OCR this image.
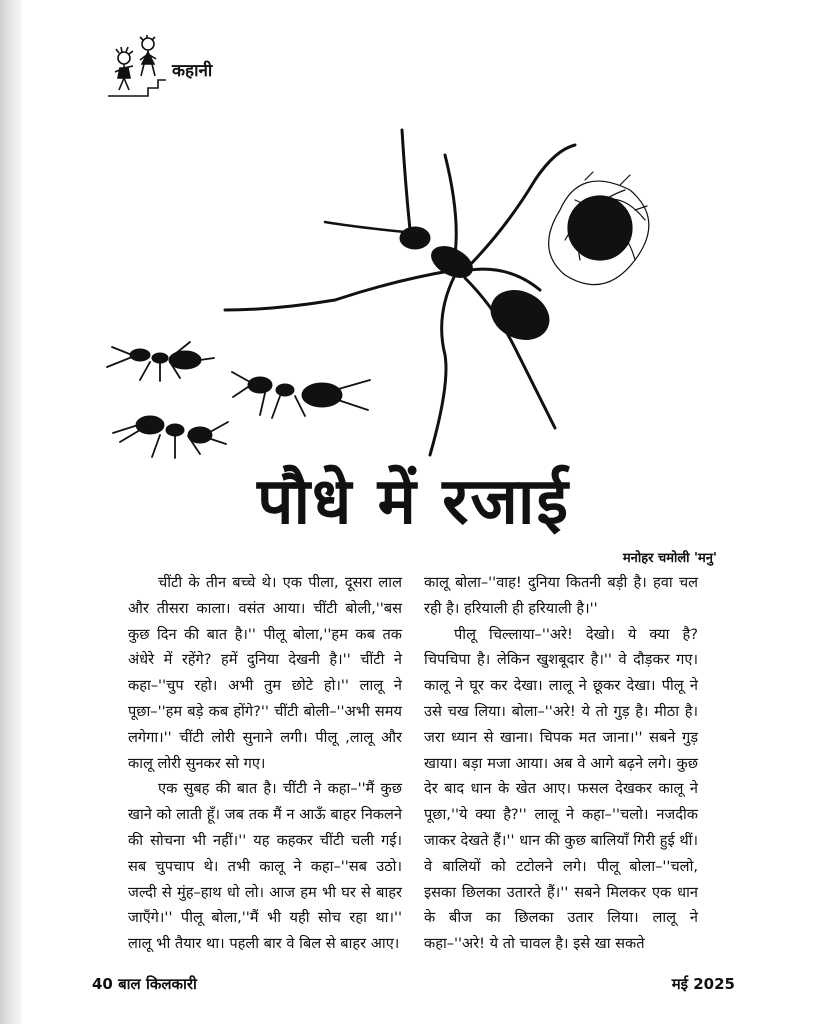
कहानी
पौधे में रजाई
मनोहर चमोली 'मनु'

चींटी के तीन बच्चे थे। एक पीला, दूसरा लाल और तीसरा काला। वसंत आया। चींटी बोली,''बस कुछ दिन की बात है।'' पीलू बोला,''हम कब तक अंधेरे में रहेंगे? हमें दुनिया देखनी है।'' चींटी ने कहा–''चुप रहो। अभी तुम छोटे हो।'' लालू ने पूछा–''हम बड़े कब होंगे?'' चींटी बोली–''अभी समय लगेगा।'' चींटी लोरी सुनाने लगी। पीलू ,लालू और कालू लोरी सुनकर सो गए।

एक सुबह की बात है। चींटी ने कहा–''मैं कुछ खाने को लाती हूँ। जब तक मैं न आऊँ बाहर निकलने की सोचना भी नहीं।'' यह कहकर चींटी चली गई। सब चुपचाप थे। तभी कालू ने कहा–''सब उठो। जल्दी से मुंह–हाथ धो लो। आज हम भी घर से बाहर जाएँगे।'' पीलू बोला,''मैं भी यही सोच रहा था।'' लालू भी तैयार था। पहली बार वे बिल से बाहर आए।

कालू बोला–''वाह! दुनिया कितनी बड़ी है। हवा चल रही है। हरियाली ही हरियाली है।''

पीलू चिल्लाया–''अरे! देखो। ये क्या है? चिपचिपा है। लेकिन खुशबूदार है।'' वे दौड़कर गए। कालू ने घूर कर देखा। लालू ने छूकर देखा। पीलू ने उसे चख लिया। बोला–''अरे! ये तो गुड़ है। मीठा है। जरा ध्यान से खाना। चिपक मत जाना।'' सबने गुड़ खाया। बड़ा मजा आया। अब वे आगे बढ़ने लगे। कुछ देर बाद धान के खेत आए। फसल देखकर कालू ने पूछा,''ये क्या है?'' लालू ने कहा–''चलो। नजदीक जाकर देखते हैं।'' धान की कुछ बालियाँ गिरी हुई थीं। वे बालियों को टटोलने लगे। पीलू बोला–''चलो, इसका छिलका उतारते हैं।'' सबने मिलकर एक धान के बीज का छिलका उतार लिया। लालू ने कहा–''अरे! ये तो चावल है। इसे खा सकते

40 बाल किलकारी	मई 2025
